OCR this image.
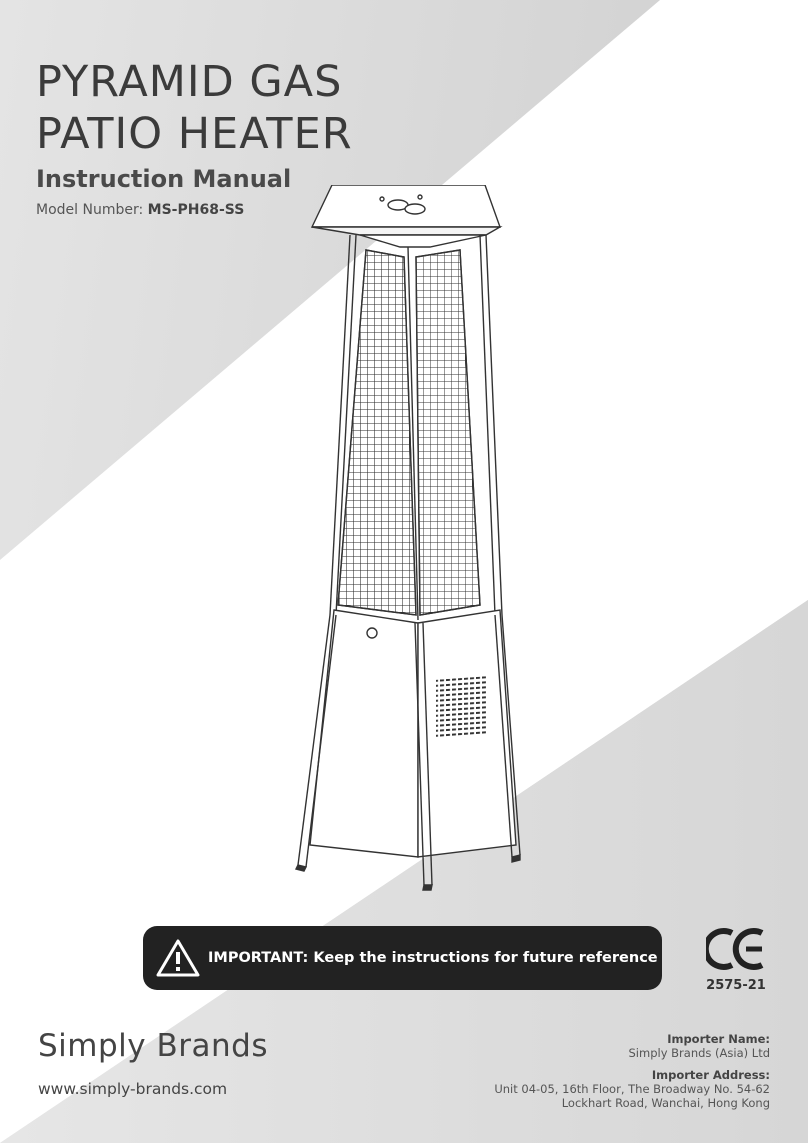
PYRAMID GAS
PATIO HEATER
Instruction Manual
Model Number: MS-PH68-SS
IMPORTANT: Keep the instructions for future reference
2575-21
Simply Brands
www.simply-brands.com
Importer Name:
Simply Brands (Asia) Ltd
Importer Address:
Unit 04-05, 16th Floor, The Broadway No. 54-62
Lockhart Road, Wanchai, Hong Kong
